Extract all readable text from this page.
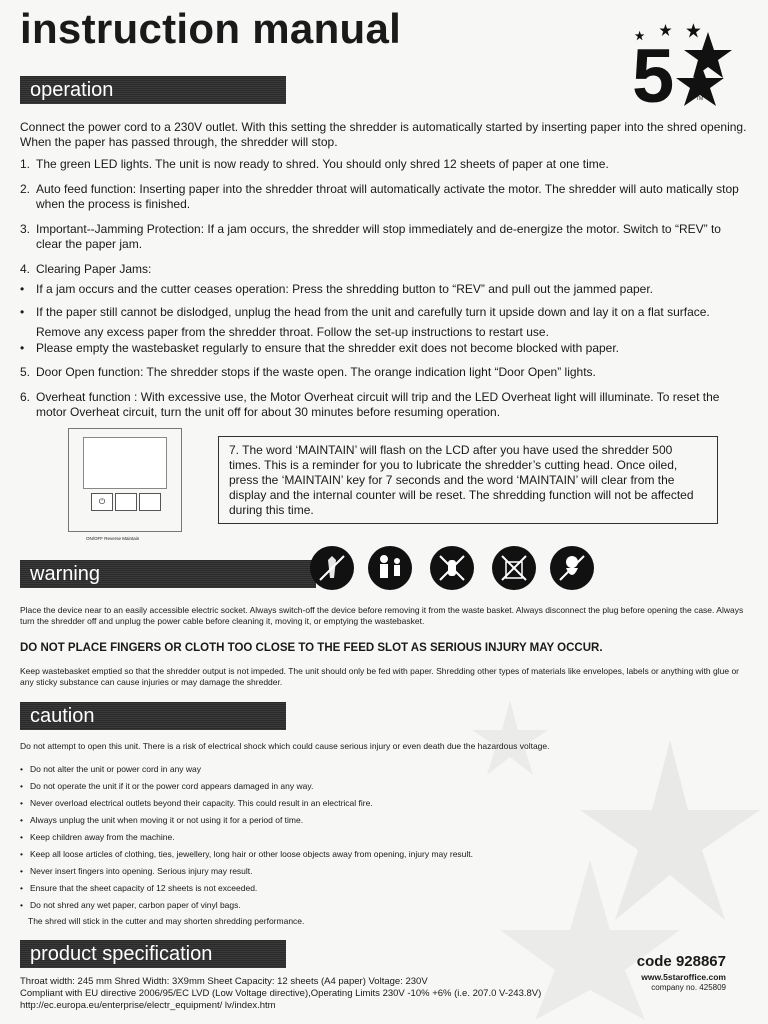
instruction manual
5	TM
operation
Connect the power cord to a 230V outlet. With this setting the shredder is automatically started by inserting paper into the shred opening. When the paper has passed through, the shredder will stop.
1. The green LED lights. The unit is now ready to shred. You should only shred 12 sheets of paper at one time.
2. Auto feed function: Inserting paper into the shredder throat will automatically activate the motor. The shredder will auto matically stop when the process is finished.
3. Important--Jamming Protection: If a jam occurs, the shredder will stop immediately and de-energize the motor. Switch to “REV” to clear the paper jam.
4. Clearing Paper Jams:
• If a jam occurs and the cutter ceases operation: Press the shredding button to “REV” and pull out the jammed paper.
• If the paper still cannot be dislodged, unplug the head from the unit and carefully turn it upside down and lay it on a flat surface. Remove any excess paper from the shredder throat. Follow the set-up instructions to restart use.
• Please empty the wastebasket regularly to ensure that the shredder exit does not become blocked with paper.
5. Door Open function: The shredder stops if the waste open. The orange indication light “Door Open” lights.
6. Overheat function : With excessive use, the Motor Overheat circuit will trip and the LED Overheat light will illuminate. To reset the motor Overheat circuit, turn the unit off for about 30 minutes before resuming operation.
⏻
ON/OFF Reverse Maintain
7. The word ‘MAINTAIN’ will flash on the LCD after you have used the shredder 500 times. This is a reminder for you to lubricate the shredder’s cutting head. Once oiled, press the ‘MAINTAIN’ key for 7 seconds and the word ‘MAINTAIN’ will clear from the display and the internal counter will be reset. The shredding function will not be affected during this time.
warning
Place the device near to an easily accessible electric socket. Always switch-off the device before removing it from the waste basket. Always disconnect the plug before opening the case. Always turn the shredder off and unplug the power cable before cleaning it, moving it, or emptying the wastebasket.
DO NOT PLACE FINGERS OR CLOTH TOO CLOSE TO THE FEED SLOT AS SERIOUS INJURY MAY OCCUR.
Keep wastebasket emptied so that the shredder output is not impeded. The unit should only be fed with paper. Shredding other types of materials like envelopes, labels or anything with glue or any sticky substance can cause injuries or may damage the shredder.
caution
Do not attempt to open this unit. There is a risk of electrical shock which could cause serious injury or even death due the hazardous voltage.
• Do not alter the unit or power cord in any way
• Do not operate the unit if it or the power cord appears damaged in any way.
• Never overload electrical outlets beyond their capacity. This could result in an electrical fire.
• Always unplug the unit when moving it or not using it for a period of time.
• Keep children away from the machine.
• Keep all loose articles of clothing, ties, jewellery, long hair or other loose objects away from opening, injury may result.
• Never insert fingers into opening. Serious injury may result.
• Ensure that the sheet capacity of 12 sheets is not exceeded.
• Do not shred any wet paper, carbon paper of vinyl bags.
The shred will stick in the cutter and may shorten shredding performance.
product specification
Throat width: 245 mm Shred Width: 3X9mm Sheet Capacity: 12 sheets (A4 paper) Voltage: 230V
Compliant with EU directive 2006/95/EC LVD (Low Voltage directive),Operating Limits 230V -10% +6% (i.e. 207.0 V-243.8V)
http://ec.europa.eu/enterprise/electr_equipment/ lv/index.htm
code 928867
www.5staroffice.com
company no. 425809
